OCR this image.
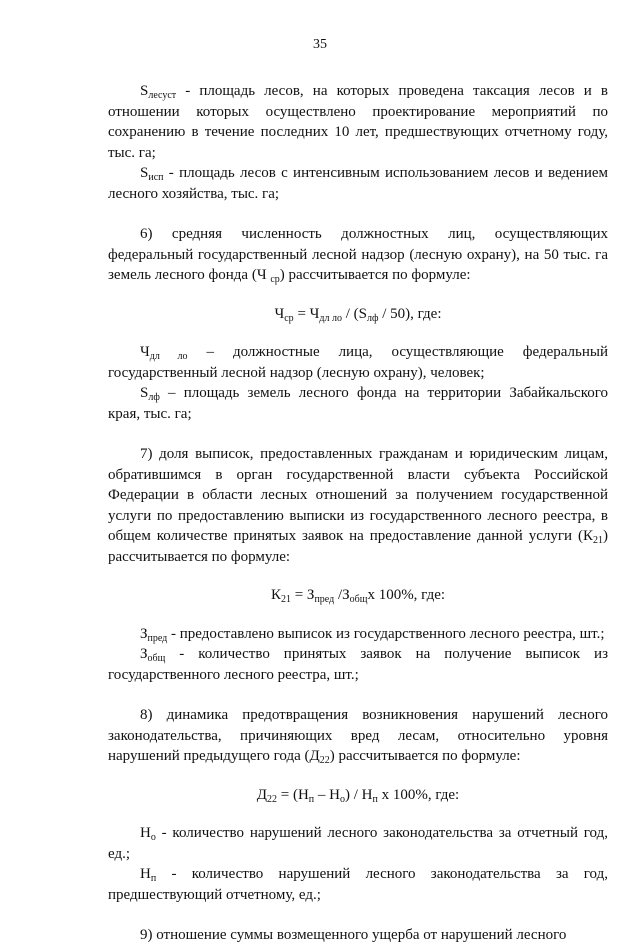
35

$S_{лесуст}$ - площадь лесов, на которых проведена таксация лесов и в отношении которых осуществлено проектирование мероприятий по сохранению в течение последних 10 лет, предшествующих отчетному году, тыс. га;

$S_{исп}$ - площадь лесов с интенсивным использованием лесов и ведением лесного хозяйства, тыс. га;

6) средняя численность должностных лиц, осуществляющих федеральный государственный лесной надзор (лесную охрану), на 50 тыс. га земель лесного фонда (Ч $_{ср}$) рассчитывается по формуле:

$Ч_{ср} = Ч_{дл ло} / (S_{лф} / 50)$, где:

$Ч_{дл ло}$ – должностные лица, осуществляющие федеральный государственный лесной надзор (лесную охрану), человек;

$S_{лф}$ – площадь земель лесного фонда на территории Забайкальского края, тыс. га;

7) доля выписок, предоставленных гражданам и юридическим лицам, обратившимся в орган государственной власти субъекта Российской Федерации в области лесных отношений за получением государственной услуги по предоставлению выписки из государственного лесного реестра, в общем количестве принятых заявок на предоставление данной услуги $(К_{21})$ рассчитывается по формуле:

$К_{21} = З_{пред}$ $/З_{общ}х$ 100%, где:

$З_{пред}$ - предоставлено выписок из государственного лесного реестра, шт.;

$З_{общ}$ - количество принятых заявок на получение выписок из государственного лесного реестра, шт.;

8) динамика предотвращения возникновения нарушений лесного законодательства, причиняющих вред лесам, относительно уровня нарушений предыдущего года $(Д_{22})$ рассчитывается по формуле:

$Д_{22} = (Н_п - Н_о) / Н_п$ х 100%, где:

$Н_о$ - количество нарушений лесного законодательства за отчетный год, ед.;

$Н_п$ - количество нарушений лесного законодательства за год, предшествующий отчетному, ед.;

9) отношение суммы возмещенного ущерба от нарушений лесного
